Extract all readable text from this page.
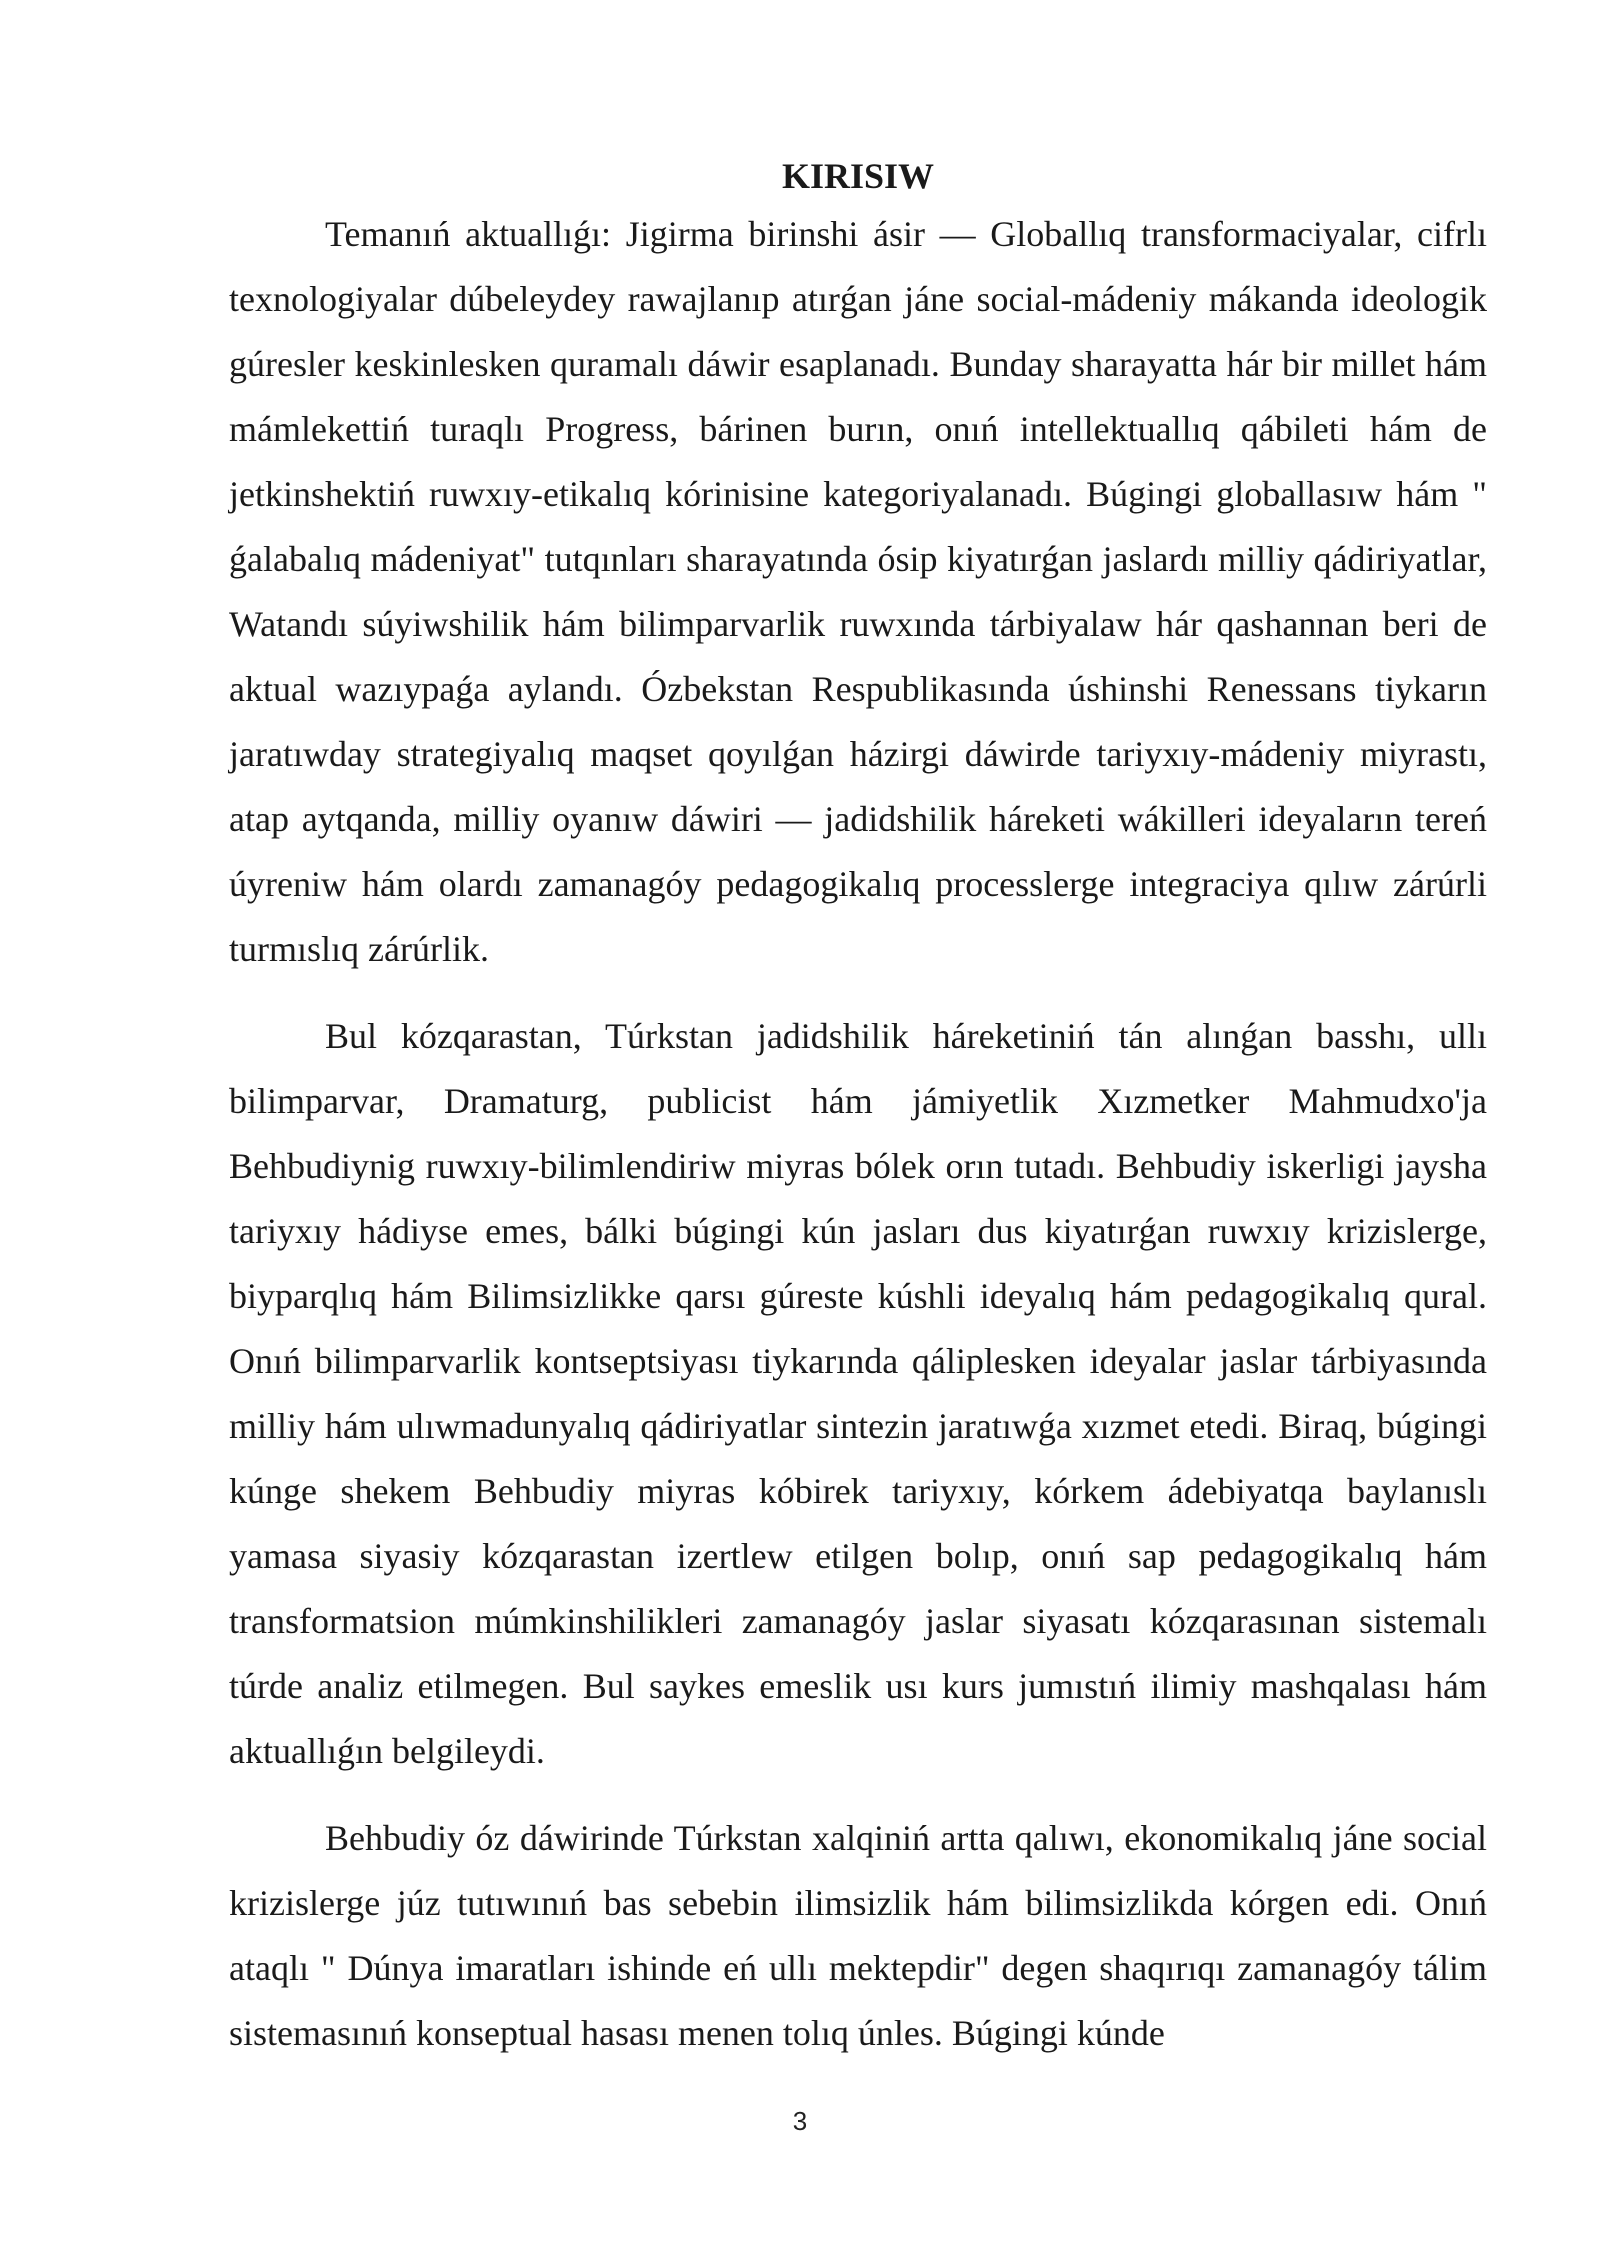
KIRISIW

Temanıń aktuallıǵı: Jigirma birinshi ásir — Globallıq transformaciyalar, cifrlı texnologiyalar dúbeleydey rawajlanıp atırǵan jáne social-mádeniy mákanda ideologik gúresler keskinlesken quramalı dáwir esaplanadı. Bunday sharayatta hár bir millet hám mámlekettiń turaqlı Progress, bárinen burın, onıń intellektuallıq qábileti hám de jetkinshektiń ruwxıy-etikalıq kórinisine kategoriyalanadı. Búgingi globallasıw hám " ǵalabalıq mádeniyat" tutqınları sharayatında ósip kiyatırǵan jaslardı milliy qádiriyatlar, Watandı súyiwshilik hám bilimparvarlik ruwxında tárbiyalaw hár qashannan beri de aktual wazıypaǵa aylandı. Ózbekstan Respublikasında úshinshi Renessans tiykarın jaratıwday strategiyalıq maqset qoyılǵan házirgi dáwirde tariyxıy-mádeniy miyrastı, atap aytqanda, milliy oyanıw dáwiri — jadidshilik háreketi wákilleri ideyaların tereń úyreniw hám olardı zamanagóy pedagogikalıq processlerge integraciya qılıw zárúrli turmıslıq zárúrlik.

Bul kózqarastan, Túrkstan jadidshilik háreketiniń tán alınǵan basshı, ullı bilimparvar, Dramaturg, publicist hám jámiyetlik Xızmetker Mahmudxo'ja Behbudiynig ruwxıy-bilimlendiriw miyras bólek orın tutadı. Behbudiy iskerligi jaysha tariyxıy hádiyse emes, bálki búgingi kún jasları dus kiyatırǵan ruwxıy krizislerge, biyparqlıq hám Bilimsizlikke qarsı gúreste kúshli ideyalıq hám pedagogikalıq qural. Onıń bilimparvarlik kontseptsiyası tiykarında qáliplesken ideyalar jaslar tárbiyasında milliy hám ulıwmadunyalıq qádiriyatlar sintezin jaratıwǵa xızmet etedi. Biraq, búgingi kúnge shekem Behbudiy miyras kóbirek tariyxıy, kórkem ádebiyatqa baylanıslı yamasa siyasiy kózqarastan izertlew etilgen bolıp, onıń sap pedagogikalıq hám transformatsion múmkinshilikleri zamanagóy jaslar siyasatı kózqarasınan sistemalı túrde analiz etilmegen. Bul saykes emeslik usı kurs jumıstıń ilimiy mashqalası hám aktuallıǵın belgileydi.

Behbudiy óz dáwirinde Túrkstan xalqiniń artta qalıwı, ekonomikalıq jáne social krizislerge júz tutıwınıń bas sebebin ilimsizlik hám bilimsizlikda kórgen edi. Onıń ataqlı " Dúnya imaratları ishinde eń ullı mektepdir" degen shaqırıqı zamanagóy tálim sistemasınıń konseptual hasası menen tolıq únles. Búgingi kúnde

3
